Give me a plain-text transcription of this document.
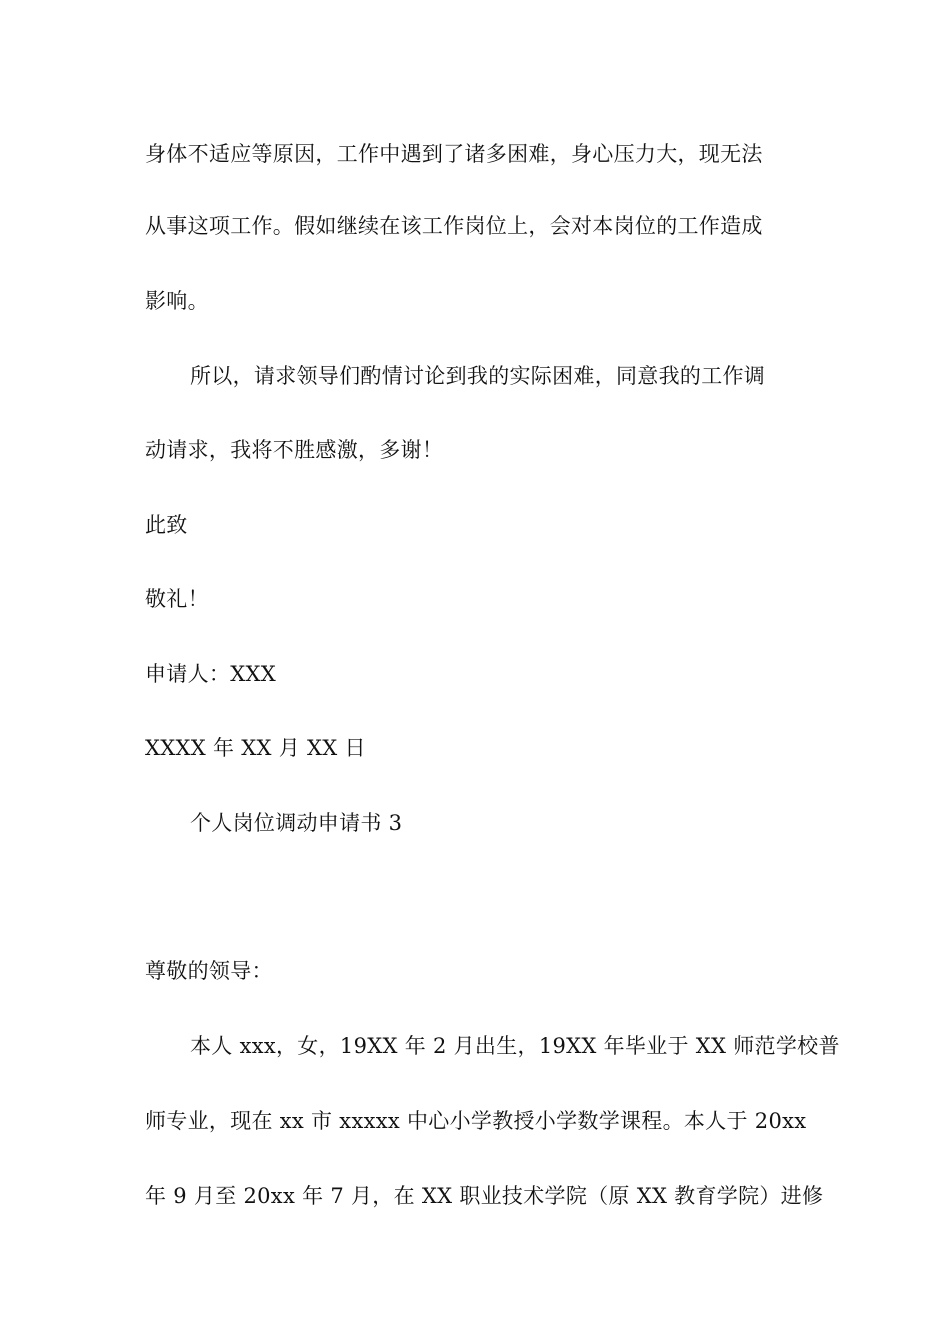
身体不适应等原因，工作中遇到了诸多困难，身心压力大，现无法
从事这项工作。假如继续在该工作岗位上，会对本岗位的工作造成
影响。
所以，请求领导们酌情讨论到我的实际困难，同意我的工作调
动请求，我将不胜感激，多谢！
此致
敬礼！
申请人：XXX
XXXX 年 XX 月 XX 日
个人岗位调动申请书 3
尊敬的领导：
本人 xxx，女，19XX 年 2 月出生，19XX 年毕业于 XX 师范学校普
师专业，现在 xx 市 xxxxx 中心小学教授小学数学课程。本人于 20xx
年 9 月至 20xx 年 7 月，在 XX 职业技术学院（原 XX 教育学院）进修
